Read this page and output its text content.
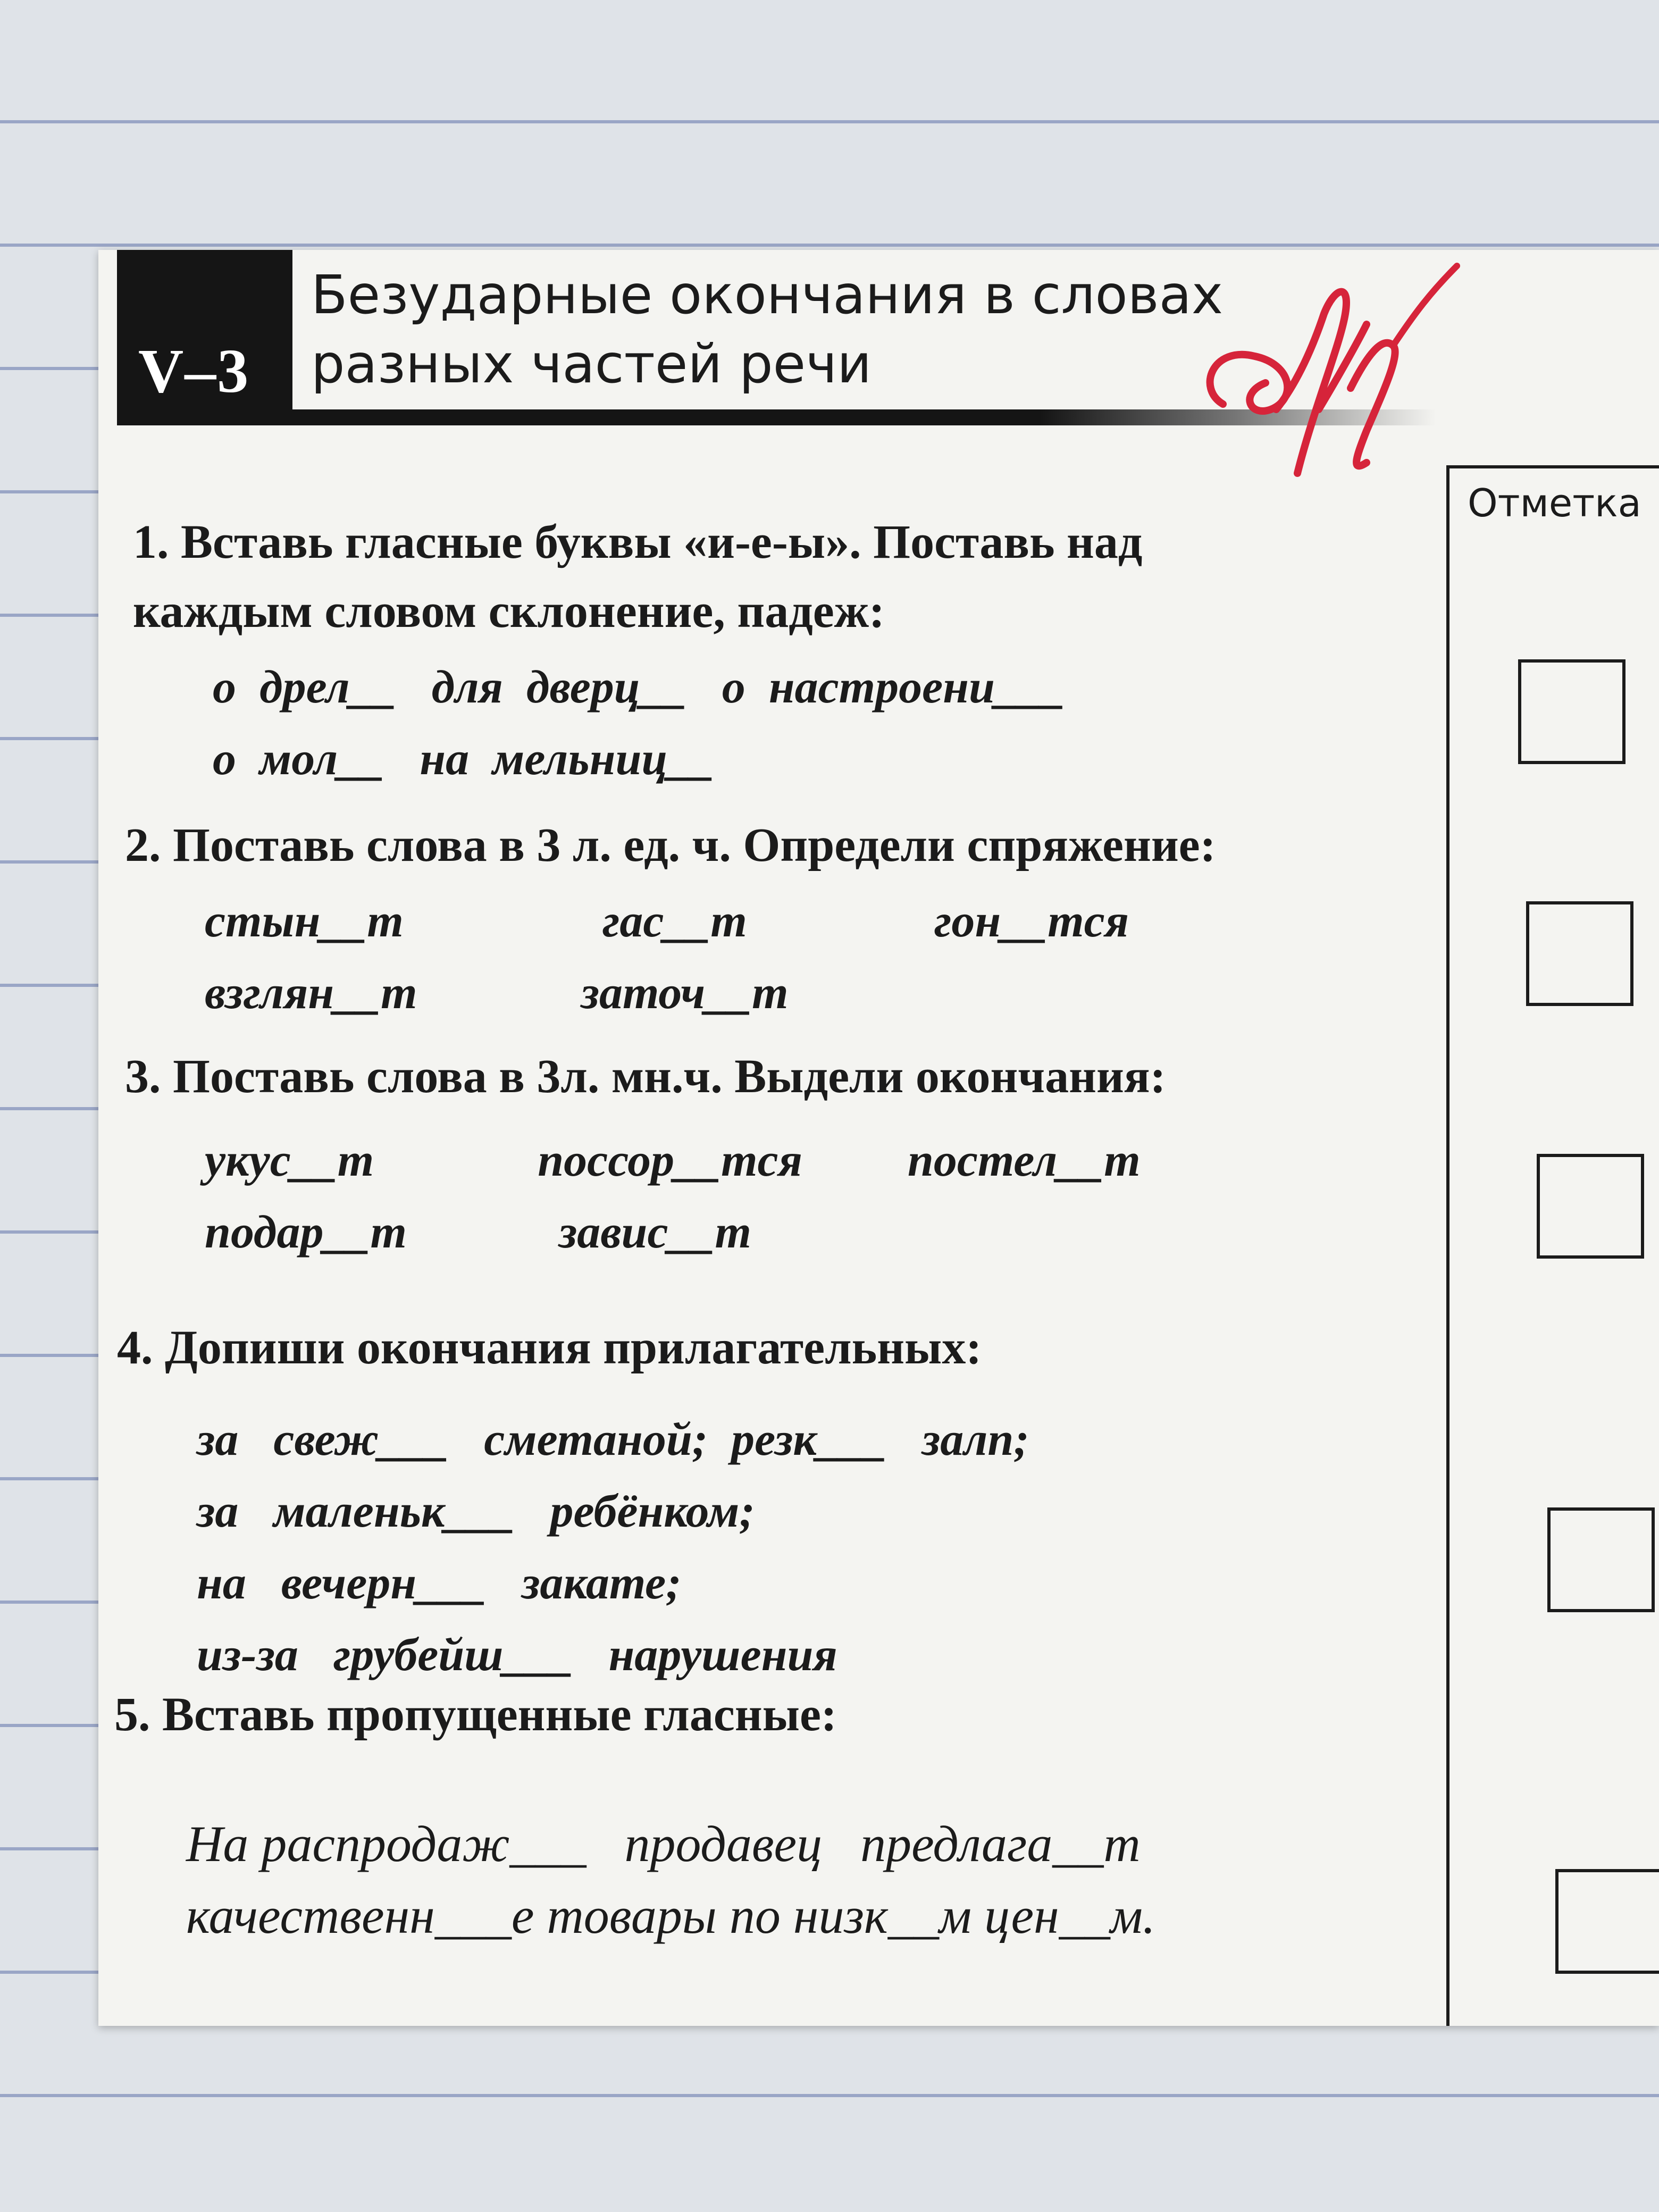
V–3
Безударные окончания в словах
разных частей речи
Отметка

1. Вставь гласные буквы «и-е-ы». Поставь над
каждым словом склонение, падеж:

о  дрел__   для  дверц__   о  настроени___

о  мол__   на  мельниц__

2. Поставь слова в 3 л. ед. ч. Определи спряжение:

стын__т                 гас__т                гон__тся

взглян__т              заточ__т

3. Поставь слова в 3л. мн.ч. Выдели окончания:

укус__т              поссор__тся         постел__т

подар__т             завис__т

4. Допиши окончания прилагательных:

за   свеж___   сметаной;  резк___   залп;

за   маленьк___   ребёнком;

на   вечерн___   закате;

из-за   грубейш___   нарушения

5. Вставь пропущенные гласные:

На распродаж___   продавец   предлага__т

качественн___е товары по низк__м цен__м.
